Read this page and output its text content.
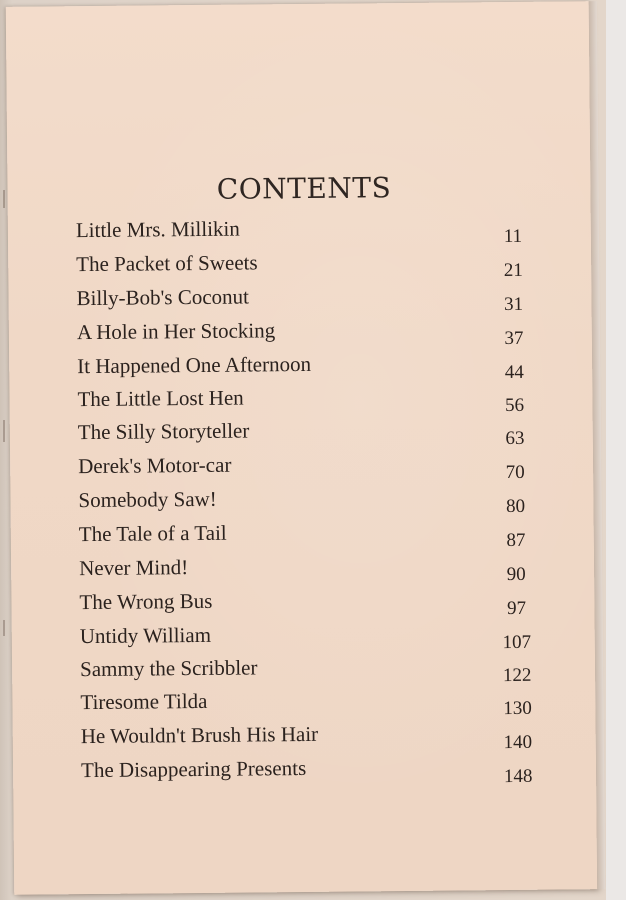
CONTENTS
Little Mrs. Millikin	11
The Packet of Sweets	21
Billy-Bob's Coconut	31
A Hole in Her Stocking	37
It Happened One Afternoon	44
The Little Lost Hen	56
The Silly Storyteller	63
Derek's Motor-car	70
Somebody Saw!	80
The Tale of a Tail	87
Never Mind!	90
The Wrong Bus	97
Untidy William	107
Sammy the Scribbler	122
Tiresome Tilda	130
He Wouldn't Brush His Hair	140
The Disappearing Presents	148
